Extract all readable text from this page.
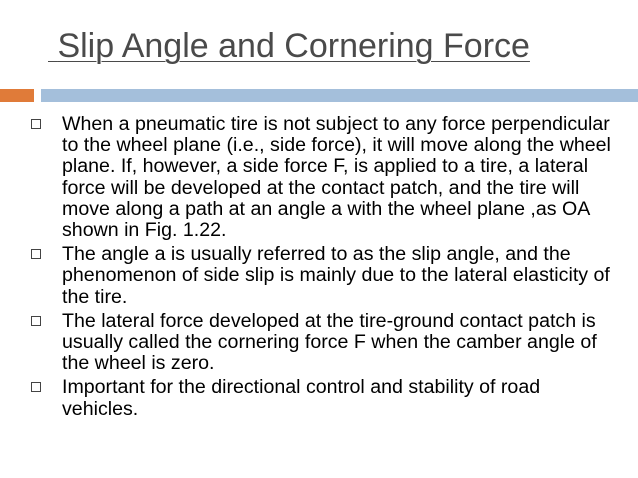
Slip Angle and Cornering Force
When a pneumatic tire is not subject to any force perpendicular to the wheel plane (i.e., side force), it will move along the wheel plane. If, however, a side force F, is applied to a tire, a lateral force will be developed at the contact patch, and the tire will move along a path at an angle a with the wheel plane ,as OA shown in Fig. 1.22.
The angle a is usually referred to as the slip angle, and the phenomenon of side slip is mainly due to the lateral elasticity of the tire.
The lateral force developed at the tire-ground contact patch is usually called the cornering force F when the camber angle of the wheel is zero.
Important for the directional control and stability of road vehicles.
